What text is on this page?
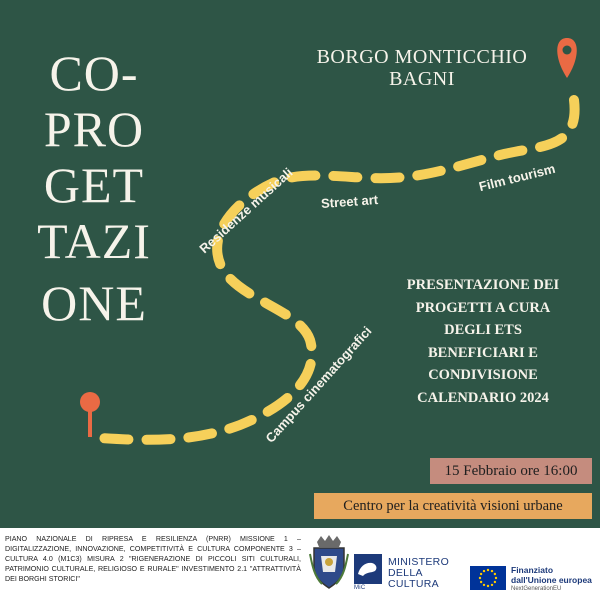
CO-
PRO
GET
TAZI
ONE
BORGO MONTICCHIO
BAGNI
Residenze musicali Street art
Film tourism
Campus cinematografici
PRESENTAZIONE DEI
PROGETTI A CURA
DEGLI ETS
BENEFICIARI E
CONDIVISIONE
CALENDARIO 2024
15 Febbraio ore 16:00
Centro per la creatività visioni urbane
PIANO NAZIONALE DI RIPRESA E RESILIENZA (PNRR) MISSIONE 1 – DIGITALIZZAZIONE, INNOVAZIONE, COMPETITIVITÀ E CULTURA COMPONENTE 3 – CULTURA 4.0 (M1C3) MISURA 2 "RIGENERAZIONE DI PICCOLI SITI CULTURALI, PATRIMONIO CULTURALE, RELIGIOSO E RURALE" INVESTIMENTO 2.1 "ATTRATTIVITÀ DEI BORGHI STORICI"
MiC
MINISTERO
DELLA
CULTURA
Finanziato
dall'Unione europea
NextGenerationEU
